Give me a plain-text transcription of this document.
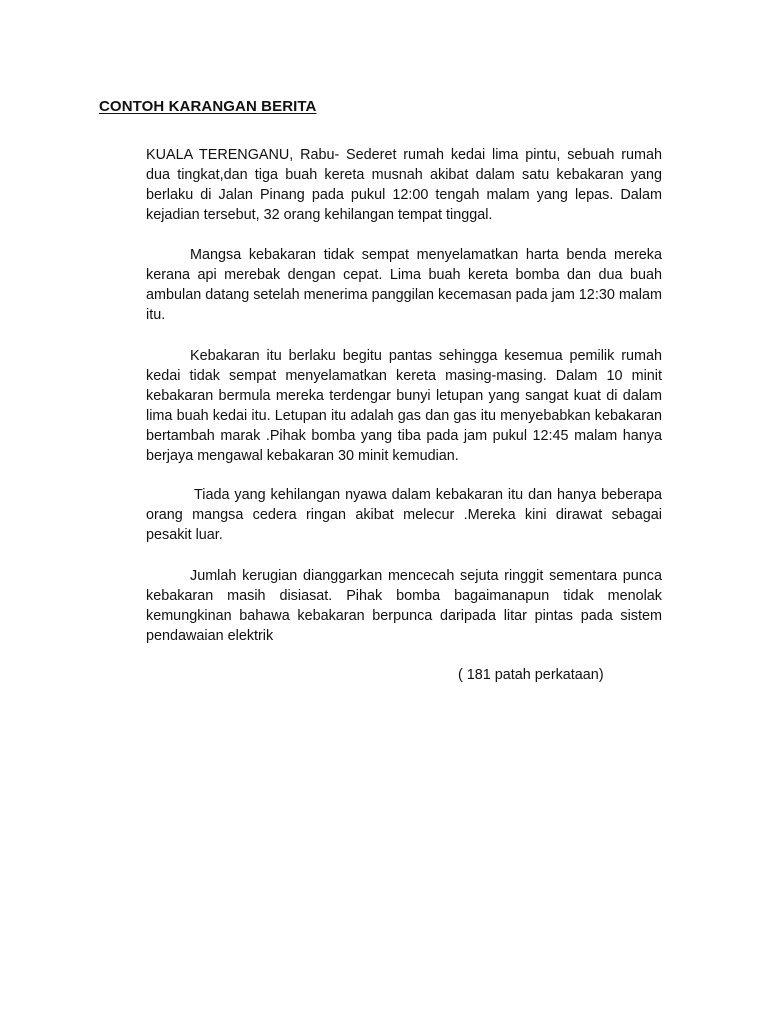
CONTOH KARANGAN BERITA

KUALA TERENGANU, Rabu- Sederet rumah kedai lima pintu, sebuah rumah dua tingkat,dan tiga buah kereta musnah akibat dalam satu kebakaran yang berlaku di Jalan Pinang pada pukul 12:00 tengah malam yang lepas. Dalam kejadian tersebut, 32 orang kehilangan tempat tinggal.

Mangsa kebakaran tidak sempat menyelamatkan harta benda mereka kerana api merebak dengan cepat. Lima buah kereta bomba dan dua buah ambulan datang setelah menerima panggilan kecemasan pada jam 12:30 malam itu.

Kebakaran itu berlaku begitu pantas sehingga kesemua pemilik rumah kedai tidak sempat menyelamatkan kereta masing-masing. Dalam 10 minit kebakaran bermula mereka terdengar bunyi letupan yang sangat kuat di dalam lima buah kedai itu. Letupan itu adalah gas dan gas itu menyebabkan kebakaran bertambah marak .Pihak bomba yang tiba pada jam pukul 12:45 malam hanya berjaya mengawal kebakaran 30 minit kemudian.

Tiada yang kehilangan nyawa dalam kebakaran itu dan hanya beberapa orang mangsa cedera ringan akibat melecur .Mereka kini dirawat sebagai pesakit luar.

Jumlah kerugian dianggarkan mencecah sejuta ringgit sementara punca kebakaran masih disiasat. Pihak bomba bagaimanapun tidak menolak kemungkinan bahawa kebakaran berpunca daripada litar pintas pada sistem pendawaian elektrik

( 181 patah perkataan)
